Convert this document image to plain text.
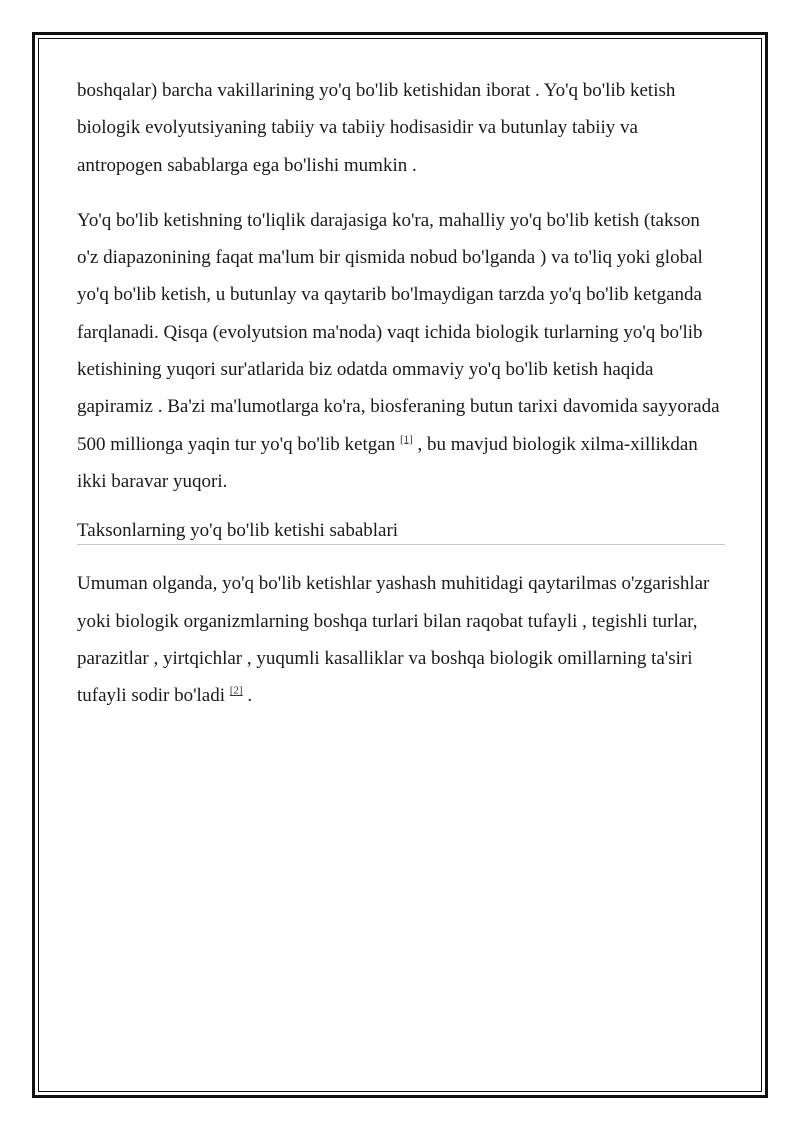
boshqalar) barcha vakillarining yo'q bo'lib ketishidan iborat . Yo'q bo'lib ketish biologik evolyutsiyaning tabiiy va tabiiy hodisasidir va butunlay tabiiy va antropogen sabablarga ega bo'lishi mumkin .

Yo'q bo'lib ketishning to'liqlik darajasiga ko'ra, mahalliy yo'q bo'lib ketish (takson o'z diapazonining faqat ma'lum bir qismida nobud bo'lganda ) va to'liq yoki global yo'q bo'lib ketish, u butunlay va qaytarib bo'lmaydigan tarzda yo'q bo'lib ketganda farqlanadi. Qisqa (evolyutsion ma'noda) vaqt ichida biologik turlarning yo'q bo'lib ketishining yuqori sur'atlarida biz odatda ommaviy yo'q bo'lib ketish haqida gapiramiz . Ba'zi ma'lumotlarga ko'ra, biosferaning butun tarixi davomida sayyorada 500 millionga yaqin tur yo'q bo'lib ketgan [1] , bu mavjud biologik xilma-xillikdan ikki baravar yuqori.

Taksonlarning yo'q bo'lib ketishi sabablari

Umuman olganda, yo'q bo'lib ketishlar yashash muhitidagi qaytarilmas o'zgarishlar yoki biologik organizmlarning boshqa turlari bilan raqobat tufayli , tegishli turlar, parazitlar , yirtqichlar , yuqumli kasalliklar va boshqa biologik omillarning ta'siri tufayli sodir bo'ladi [2] .
